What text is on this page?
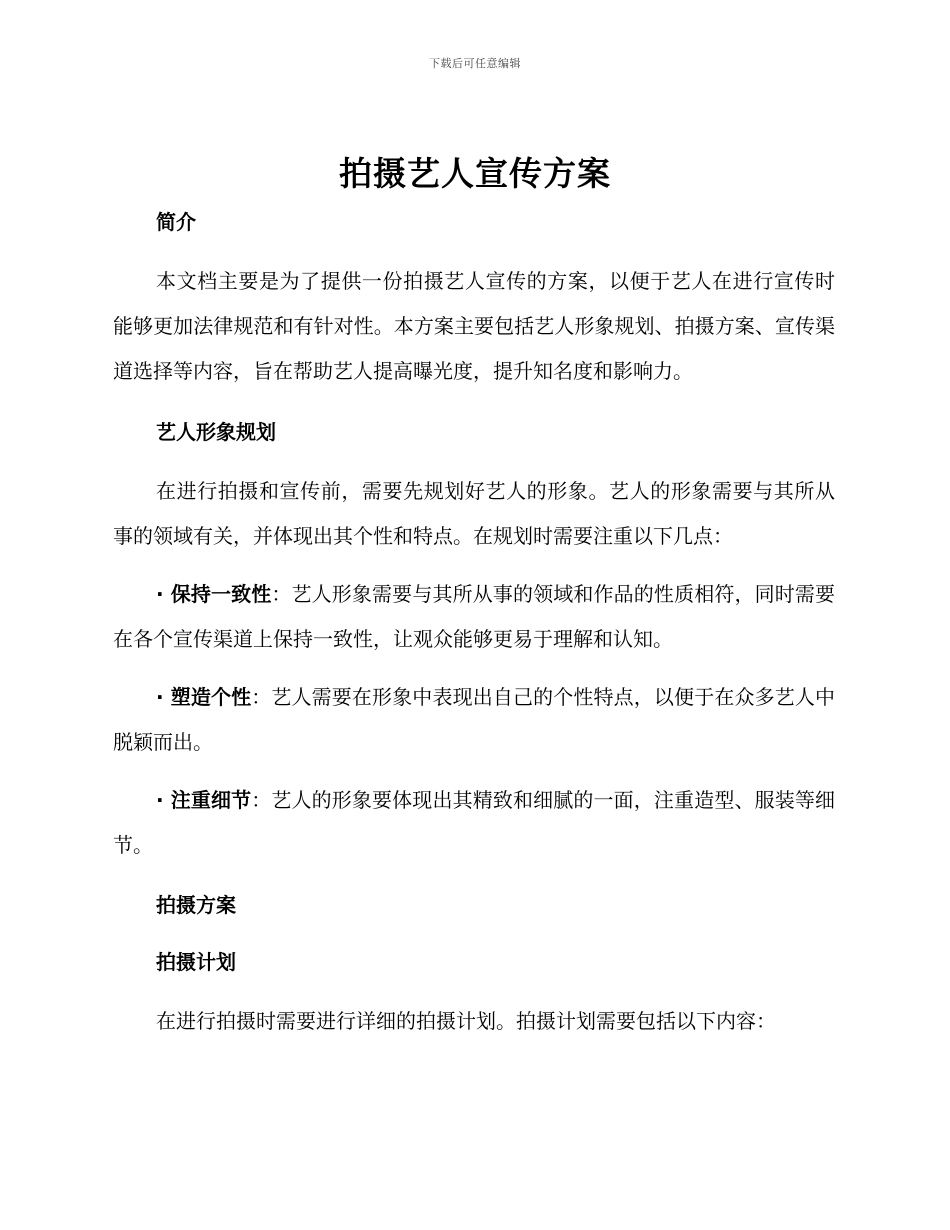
下载后可任意编辑
拍摄艺人宣传方案

简介

本文档主要是为了提供一份拍摄艺人宣传的方案，以便于艺人在进行宣传时能够更加法律规范和有针对性。本方案主要包括艺人形象规划、拍摄方案、宣传渠道选择等内容，旨在帮助艺人提高曝光度，提升知名度和影响力。

艺人形象规划

在进行拍摄和宣传前，需要先规划好艺人的形象。艺人的形象需要与其所从事的领域有关，并体现出其个性和特点。在规划时需要注重以下几点：

· 保持一致性：艺人形象需要与其所从事的领域和作品的性质相符，同时需要在各个宣传渠道上保持一致性，让观众能够更易于理解和认知。

· 塑造个性：艺人需要在形象中表现出自己的个性特点，以便于在众多艺人中脱颖而出。

· 注重细节：艺人的形象要体现出其精致和细腻的一面，注重造型、服装等细节。

拍摄方案

拍摄计划

在进行拍摄时需要进行详细的拍摄计划。拍摄计划需要包括以下内容：
